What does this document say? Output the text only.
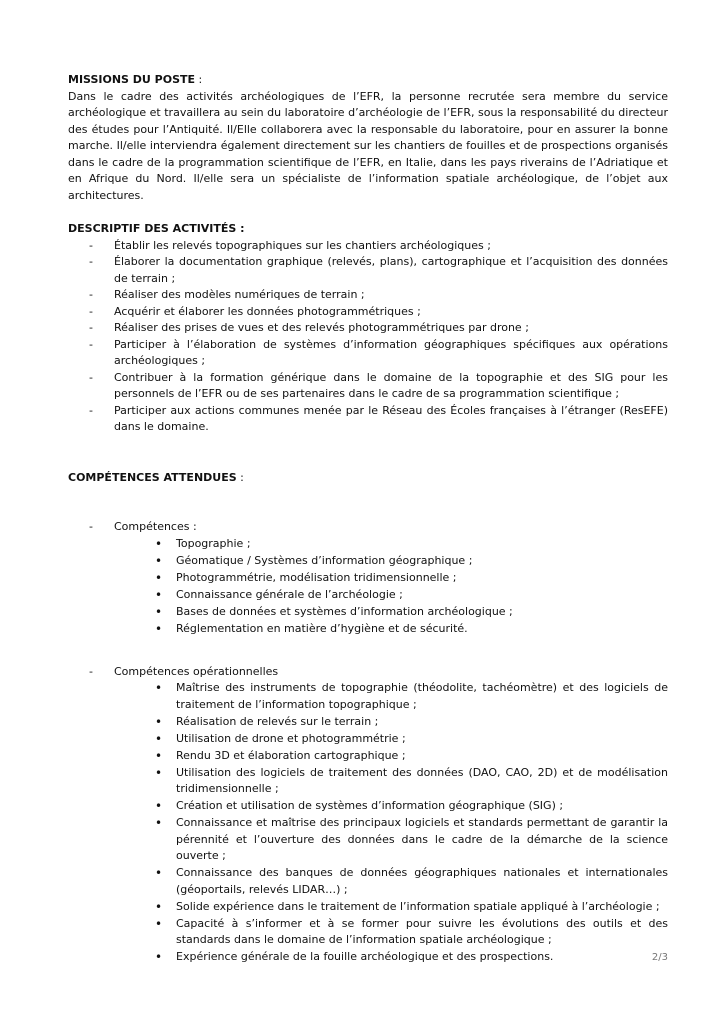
MISSIONS DU POSTE :

Dans le cadre des activités archéologiques de l’EFR, la personne recrutée sera membre du service archéologique et travaillera au sein du laboratoire d’archéologie de l’EFR, sous la responsabilité du directeur des études pour l’Antiquité. Il/Elle collaborera avec la responsable du laboratoire, pour en assurer la bonne marche. Il/elle interviendra également directement sur les chantiers de fouilles et de prospections organisés dans le cadre de la programmation scientifique de l’EFR, en Italie, dans les pays riverains de l’Adriatique et en Afrique du Nord. Il/elle sera un spécialiste de l’information spatiale archéologique, de l’objet aux architectures.

DESCRIPTIF DES ACTIVITÉS :

- Établir les relevés topographiques sur les chantiers archéologiques ;
- Élaborer la documentation graphique (relevés, plans), cartographique et l’acquisition des données de terrain ;
- Réaliser des modèles numériques de terrain ;
- Acquérir et élaborer les données photogrammétriques ;
- Réaliser des prises de vues et des relevés photogrammétriques par drone ;
- Participer à l’élaboration de systèmes d’information géographiques spécifiques aux opérations archéologiques ;
- Contribuer à la formation générique dans le domaine de la topographie et des SIG pour les personnels de l’EFR ou de ses partenaires dans le cadre de sa programmation scientifique ;
- Participer aux actions communes menée par le Réseau des Écoles françaises à l’étranger (ResEFE) dans le domaine.

COMPÉTENCES ATTENDUES :

- Compétences :
• Topographie ;
• Géomatique / Systèmes d’information géographique ;
• Photogrammétrie, modélisation tridimensionnelle ;
• Connaissance générale de l’archéologie ;
• Bases de données et systèmes d’information archéologique ;
• Réglementation en matière d’hygiène et de sécurité.
- Compétences opérationnelles
• Maîtrise des instruments de topographie (théodolite, tachéomètre) et des logiciels de traitement de l’information topographique ;
• Réalisation de relevés sur le terrain ;
• Utilisation de drone et photogrammétrie ;
• Rendu 3D et élaboration cartographique ;
• Utilisation des logiciels de traitement des données (DAO, CAO, 2D) et de modélisation tridimensionnelle ;
• Création et utilisation de systèmes d’information géographique (SIG) ;
• Connaissance et maîtrise des principaux logiciels et standards permettant de garantir la pérennité et l’ouverture des données dans le cadre de la démarche de la science ouverte ;
• Connaissance des banques de données géographiques nationales et internationales (géoportails, relevés LIDAR…) ;
• Solide expérience dans le traitement de l’information spatiale appliqué à l’archéologie ;
• Capacité à s’informer et à se former pour suivre les évolutions des outils et des standards dans le domaine de l’information spatiale archéologique ;
• Expérience générale de la fouille archéologique et des prospections.	2/3
